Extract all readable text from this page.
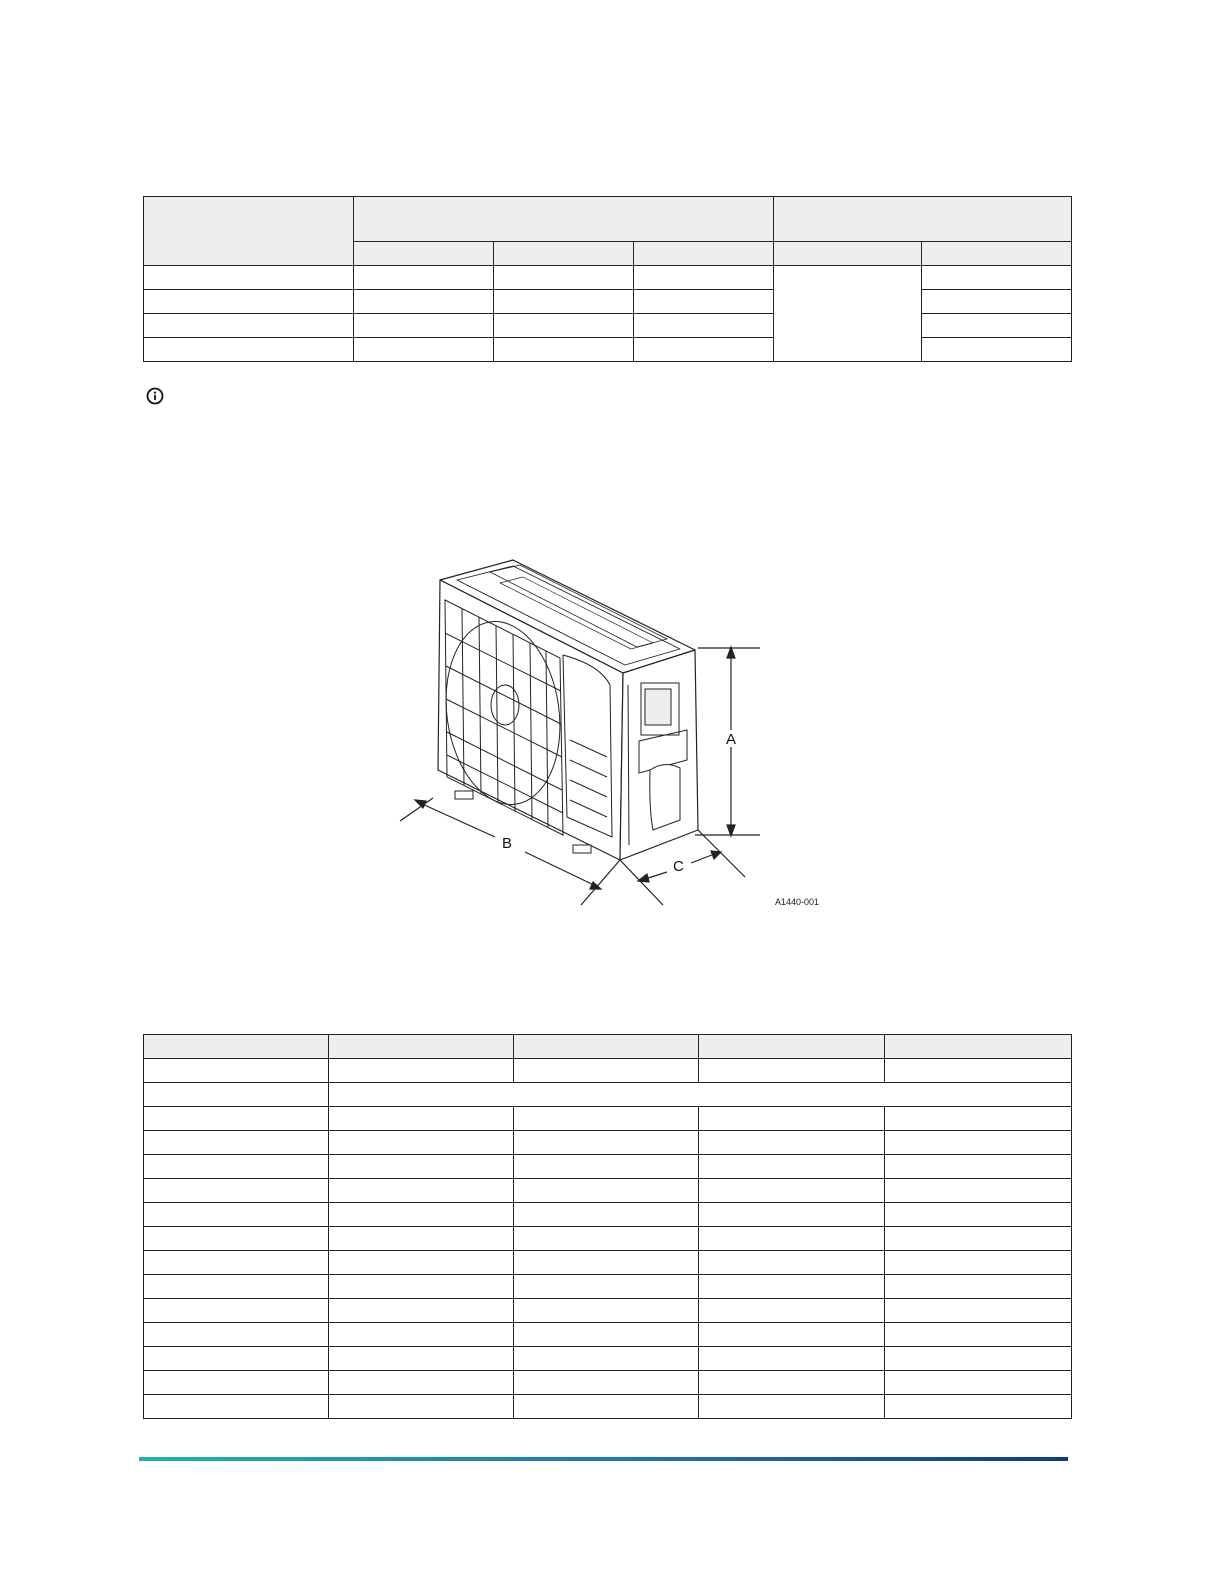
A
B
C
A1440-001
